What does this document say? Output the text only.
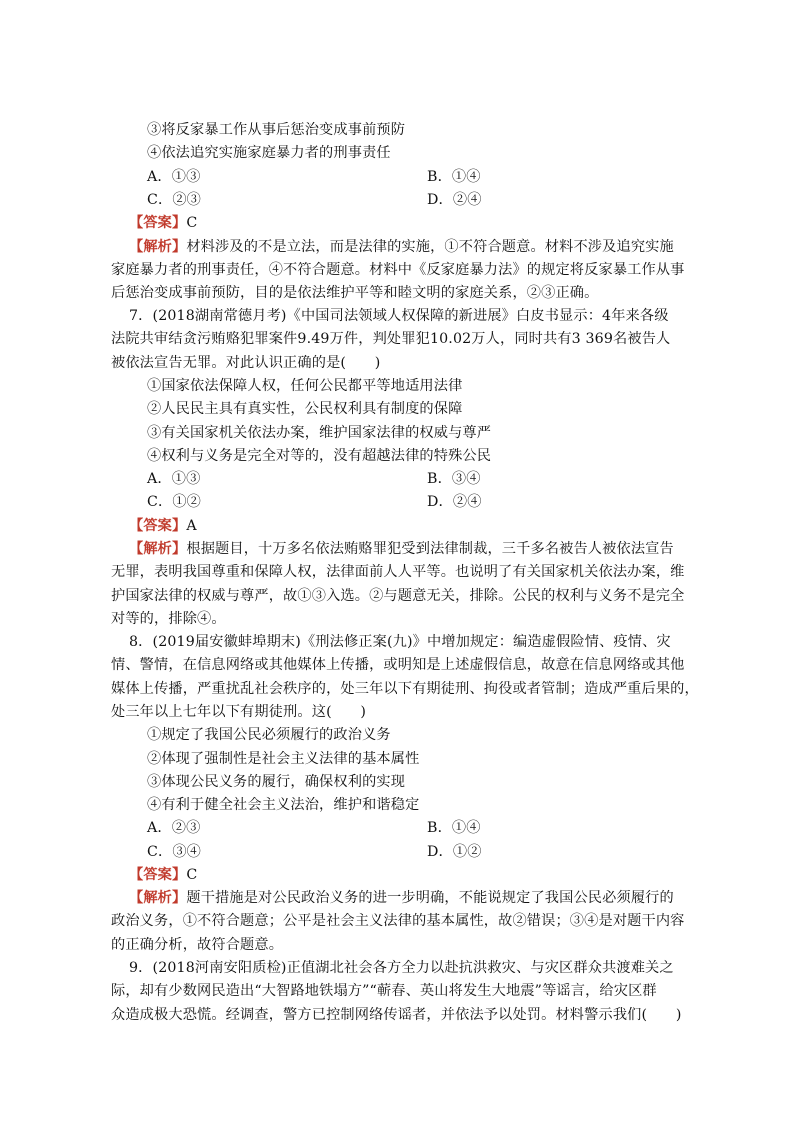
③将反家暴工作从事后惩治变成事前预防
④依法追究实施家庭暴力者的刑事责任
A．①③	B．①④
C．②③	D．②④
【答案】C
【解析】材料涉及的不是立法，而是法律的实施，①不符合题意。材料不涉及追究实施
家庭暴力者的刑事责任，④不符合题意。材料中《反家庭暴力法》的规定将反家暴工作从事
后惩治变成事前预防，目的是依法维护平等和睦文明的家庭关系，②③正确。
7．(2018湖南常德月考)《中国司法领域人权保障的新进展》白皮书显示：4年来各级
法院共审结贪污贿赂犯罪案件9.49万件，判处罪犯10.02万人，同时共有3 369名被告人
被依法宣告无罪。对此认识正确的是(　　)
①国家依法保障人权，任何公民都平等地适用法律
②人民民主具有真实性，公民权利具有制度的保障
③有关国家机关依法办案，维护国家法律的权威与尊严
④权利与义务是完全对等的，没有超越法律的特殊公民
A．①③	B．③④
C．①②	D．②④
【答案】A
【解析】根据题目，十万多名依法贿赂罪犯受到法律制裁，三千多名被告人被依法宣告
无罪，表明我国尊重和保障人权，法律面前人人平等。也说明了有关国家机关依法办案，维
护国家法律的权威与尊严，故①③入选。②与题意无关，排除。公民的权利与义务不是完全
对等的，排除④。
8．(2019届安徽蚌埠期末)《刑法修正案(九)》中增加规定：编造虚假险情、疫情、灾
情、警情，在信息网络或其他媒体上传播，或明知是上述虚假信息，故意在信息网络或其他
媒体上传播，严重扰乱社会秩序的，处三年以下有期徒刑、拘役或者管制；造成严重后果的，
处三年以上七年以下有期徒刑。这(　　)
①规定了我国公民必须履行的政治义务
②体现了强制性是社会主义法律的基本属性
③体现公民义务的履行，确保权利的实现
④有利于健全社会主义法治，维护和谐稳定
A．②③	B．①④
C．③④	D．①②
【答案】C
【解析】题干措施是对公民政治义务的进一步明确，不能说规定了我国公民必须履行的
政治义务，①不符合题意；公平是社会主义法律的基本属性，故②错误；③④是对题干内容
的正确分析，故符合题意。
9．(2018河南安阳质检)正值湖北社会各方全力以赴抗洪救灾、与灾区群众共渡难关之
际，却有少数网民造出“大智路地铁塌方”“蕲春、英山将发生大地震”等谣言，给灾区群
众造成极大恐慌。经调查，警方已控制网络传谣者，并依法予以处罚。材料警示我们(　　)
